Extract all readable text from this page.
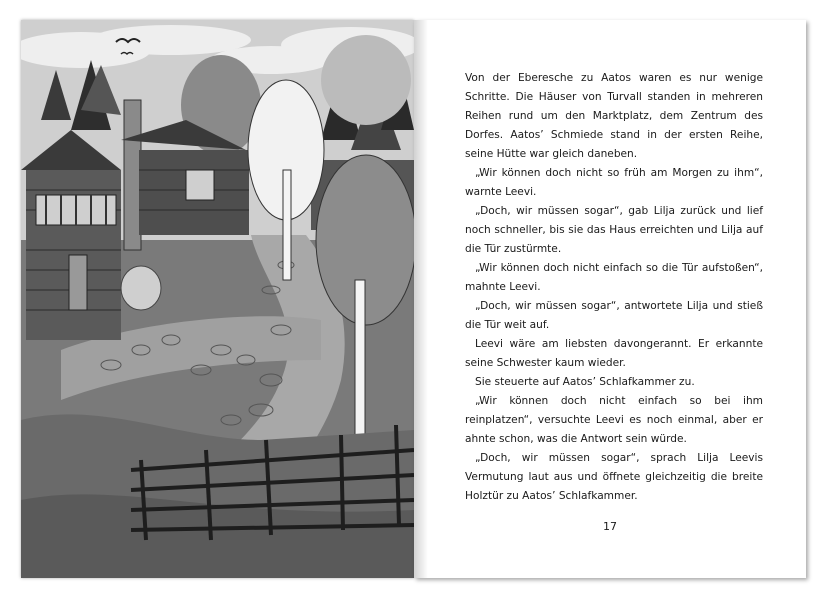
Von der Eberesche zu Aatos waren es nur wenige Schritte. Die Häuser von Turvall standen in mehreren Reihen rund um den Marktplatz, dem Zentrum des Dorfes. Aatos’ Schmiede stand in der ersten Reihe, seine Hütte war gleich daneben.

„Wir können doch nicht so früh am Morgen zu ihm“, warnte Leevi.

„Doch, wir müssen sogar“, gab Lilja zurück und lief noch schneller, bis sie das Haus erreichten und Lilja auf die Tür zustürmte.

„Wir können doch nicht einfach so die Tür aufstoßen“, mahnte Leevi.

„Doch, wir müssen sogar“, antwortete Lilja und stieß die Tür weit auf.

Leevi wäre am liebsten davongerannt. Er erkannte seine Schwester kaum wieder.

Sie steuerte auf Aatos’ Schlafkammer zu.

„Wir können doch nicht einfach so bei ihm reinplatzen“, versuchte Leevi es noch einmal, aber er ahnte schon, was die Antwort sein würde.

„Doch, wir müssen sogar“, sprach Lilja Leevis Vermutung laut aus und öffnete gleichzeitig die breite Holztür zu Aatos’ Schlafkammer.

17
